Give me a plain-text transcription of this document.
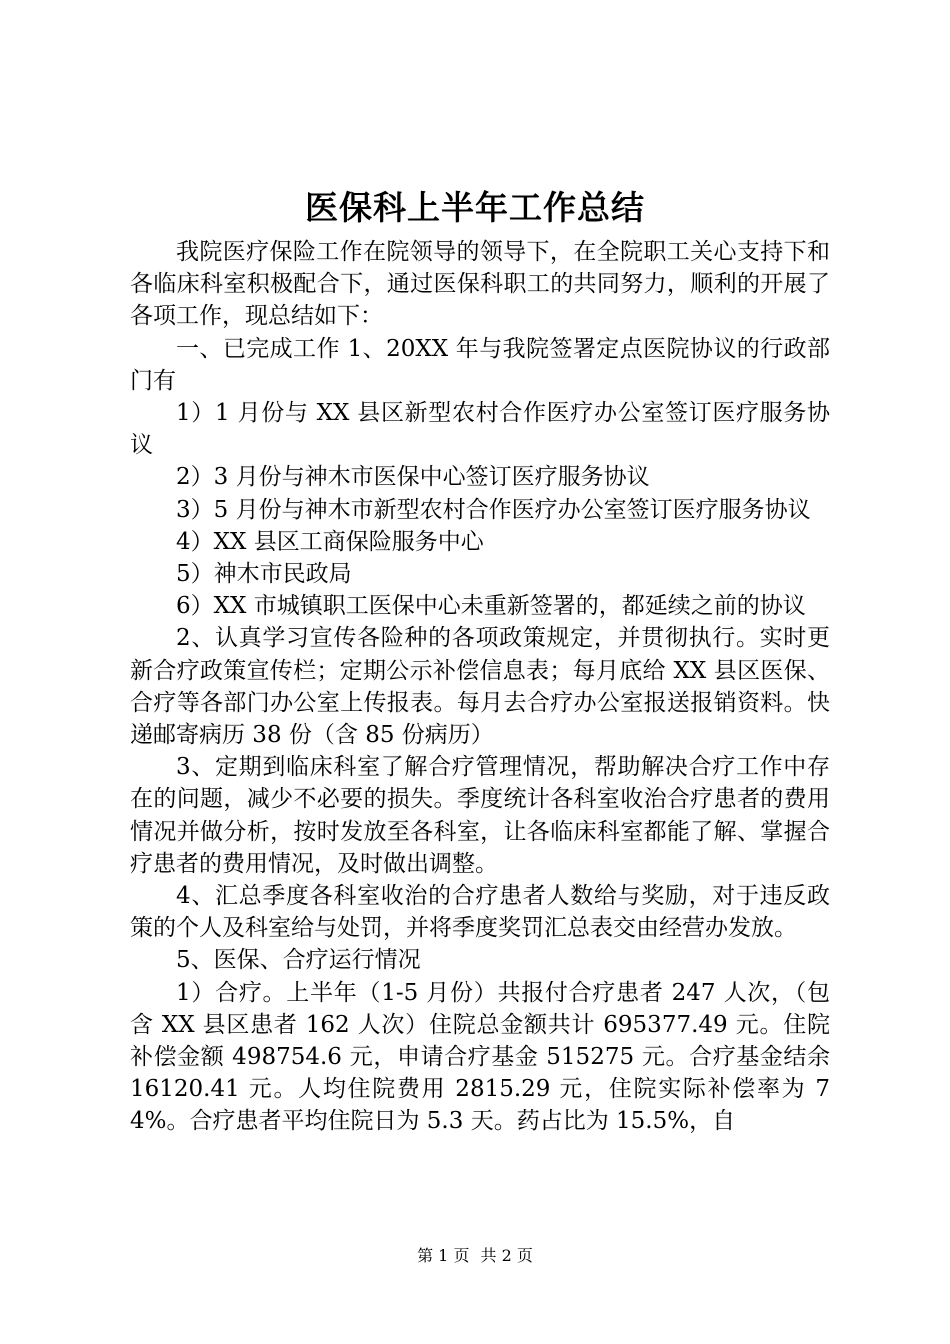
医保科上半年工作总结

我院医疗保险工作在院领导的领导下，在全院职工关心支持下和各临床科室积极配合下，通过医保科职工的共同努力，顺利的开展了各项工作，现总结如下：

一、已完成工作 1、20XX 年与我院签署定点医院协议的行政部门有

1）1 月份与 XX 县区新型农村合作医疗办公室签订医疗服务协议

2）3 月份与神木市医保中心签订医疗服务协议

3）5 月份与神木市新型农村合作医疗办公室签订医疗服务协议

4）XX 县区工商保险服务中心

5）神木市民政局

6）XX 市城镇职工医保中心未重新签署的，都延续之前的协议

2、认真学习宣传各险种的各项政策规定，并贯彻执行。实时更新合疗政策宣传栏；定期公示补偿信息表；每月底给 XX 县区医保、合疗等各部门办公室上传报表。每月去合疗办公室报送报销资料。快递邮寄病历 38 份（含 85 份病历）

3、定期到临床科室了解合疗管理情况，帮助解决合疗工作中存在的问题，减少不必要的损失。季度统计各科室收治合疗患者的费用情况并做分析，按时发放至各科室，让各临床科室都能了解、掌握合疗患者的费用情况，及时做出调整。

4、汇总季度各科室收治的合疗患者人数给与奖励，对于违反政策的个人及科室给与处罚，并将季度奖罚汇总表交由经营办发放。

5、医保、合疗运行情况

1）合疗。上半年（1-5 月份）共报付合疗患者 247 人次，（包含 XX 县区患者 162 人次）住院总金额共计 695377.49 元。住院补偿金额 498754.6 元，申请合疗基金 515275 元。合疗基金结余 16120.41 元。人均住院费用 2815.29 元，住院实际补偿率为 74%。合疗患者平均住院日为 5.3 天。药占比为 15.5%，自

第 1 页 共 2 页
